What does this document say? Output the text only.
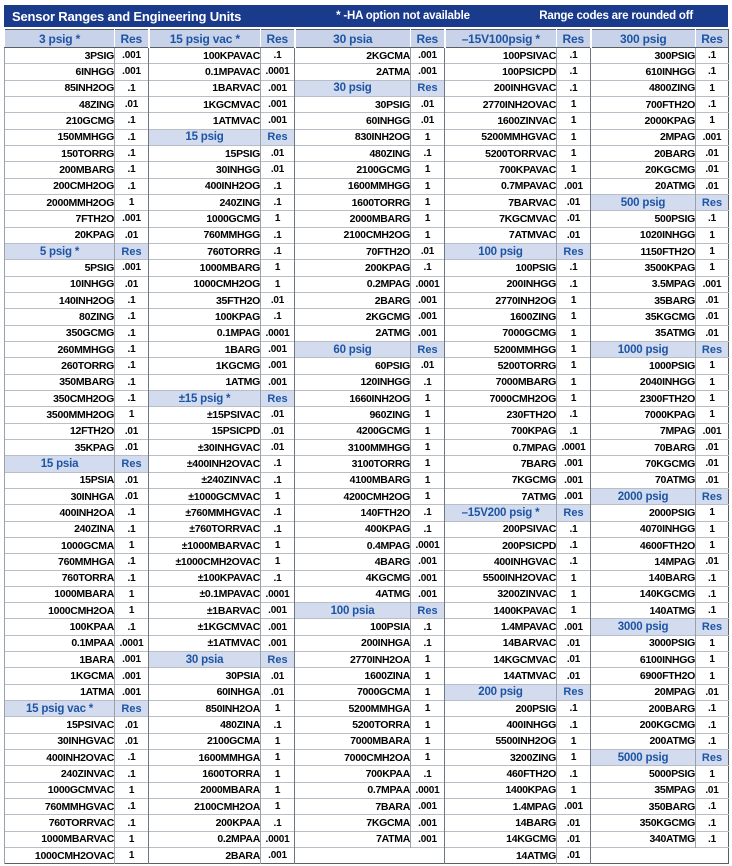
Sensor Ranges and Engineering Units	* -HA option not available	Range codes are rounded off
3 psig *	Res	15 psig vac *	Res	30 psia	Res	–15V100psig *	Res	300 psig	Res
3PSIG	.001	100KPAVAC	.1	2KGCMA	.001	100PSIVAC	.1	300PSIG	.1
6INHGG	.001	0.1MPAVAC	.0001	2ATMA	.001	100PSICPD	.1	610INHGG	.1
85INH2OG	.1	1BARVAC	.001	30 psig	Res	200INHGVAC	.1	4800ZING	1
48ZING	.01	1KGCMVAC	.001	30PSIG	.01	2770INH2OVAC	1	700FTH2O	.1
210GCMG	.1	1ATMVAC	.001	60INHGG	.01	1600ZINVAC	1	2000KPAG	1
150MMHGG	.1	15 psig	Res	830INH2OG	1	5200MMHGVAC	1	2MPAG	.001
150TORRG	.1	15PSIG	.01	480ZING	.1	5200TORRVAC	1	20BARG	.01
200MBARG	.1	30INHGG	.01	2100GCMG	1	700KPAVAC	1	20KGCMG	.01
200CMH2OG	.1	400INH2OG	.1	1600MMHGG	1	0.7MPAVAC	.001	20ATMG	.01
2000MMH2OG	1	240ZING	.1	1600TORRG	1	7BARVAC	.01	500 psig	Res
7FTH2O	.001	1000GCMG	1	2000MBARG	1	7KGCMVAC	.01	500PSIG	.1
20KPAG	.01	760MMHGG	.1	2100CMH2OG	1	7ATMVAC	.01	1020INHGG	1
5 psig *	Res	760TORRG	.1	70FTH2O	.01	100 psig	Res	1150FTH2O	1
5PSIG	.001	1000MBARG	1	200KPAG	.1	100PSIG	.1	3500KPAG	1
10INHGG	.01	1000CMH2OG	1	0.2MPAG	.0001	200INHGG	.1	3.5MPAG	.001
140INH2OG	.1	35FTH2O	.01	2BARG	.001	2770INH2OG	1	35BARG	.01
80ZING	.1	100KPAG	.1	2KGCMG	.001	1600ZING	1	35KGCMG	.01
350GCMG	.1	0.1MPAG	.0001	2ATMG	.001	7000GCMG	1	35ATMG	.01
260MMHGG	.1	1BARG	.001	60 psig	Res	5200MMHGG	1	1000 psig	Res
260TORRG	.1	1KGCMG	.001	60PSIG	.01	5200TORRG	1	1000PSIG	1
350MBARG	.1	1ATMG	.001	120INHGG	.1	7000MBARG	1	2040INHGG	1
350CMH2OG	.1	±15 psig *	Res	1660INH2OG	1	7000CMH2OG	1	2300FTH2O	1
3500MMH2OG	1	±15PSIVAC	.01	960ZING	1	230FTH2O	.1	7000KPAG	1
12FTH2O	.01	15PSICPD	.01	4200GCMG	1	700KPAG	.1	7MPAG	.001
35KPAG	.01	±30INHGVAC	.01	3100MMHGG	1	0.7MPAG	.0001	70BARG	.01
15 psia	Res	±400INH2OVAC	.1	3100TORRG	1	7BARG	.001	70KGCMG	.01
15PSIA	.01	±240ZINVAC	.1	4100MBARG	1	7KGCMG	.001	70ATMG	.01
30INHGA	.01	±1000GCMVAC	1	4200CMH2OG	1	7ATMG	.001	2000 psig	Res
400INH2OA	.1	±760MMHGVAC	.1	140FTH2O	.1	–15V200 psig *	Res	2000PSIG	1
240ZINA	.1	±760TORRVAC	.1	400KPAG	.1	200PSIVAC	.1	4070INHGG	1
1000GCMA	1	±1000MBARVAC	1	0.4MPAG	.0001	200PSICPD	.1	4600FTH2O	1
760MMHGA	.1	±1000CMH2OVAC	1	4BARG	.001	400INHGVAC	.1	14MPAG	.01
760TORRA	.1	±100KPAVAC	.1	4KGCMG	.001	5500INH2OVAC	1	140BARG	.1
1000MBARA	1	±0.1MPAVAC	.0001	4ATMG	.001	3200ZINVAC	1	140KGCMG	.1
1000CMH2OA	1	±1BARVAC	.001	100 psia	Res	1400KPAVAC	1	140ATMG	.1
100KPAA	.1	±1KGCMVAC	.001	100PSIA	.1	1.4MPAVAC	.001	3000 psig	Res
0.1MPAA	.0001	±1ATMVAC	.001	200INHGA	.1	14BARVAC	.01	3000PSIG	1
1BARA	.001	30 psia	Res	2770INH2OA	1	14KGCMVAC	.01	6100INHGG	1
1KGCMA	.001	30PSIA	.01	1600ZINA	1	14ATMVAC	.01	6900FTH2O	1
1ATMA	.001	60INHGA	.01	7000GCMA	1	200 psig	Res	20MPAG	.01
15 psig vac *	Res	850INH2OA	1	5200MMHGA	1	200PSIG	.1	200BARG	.1
15PSIVAC	.01	480ZINA	.1	5200TORRA	1	400INHGG	.1	200KGCMG	.1
30INHGVAC	.01	2100GCMA	1	7000MBARA	1	5500INH2OG	1	200ATMG	.1
400INH2OVAC	.1	1600MMHGA	1	7000CMH2OA	1	3200ZING	1	5000 psig	Res
240ZINVAC	.1	1600TORRA	1	700KPAA	.1	460FTH2O	.1	5000PSIG	1
1000GCMVAC	1	2000MBARA	1	0.7MPAA	.0001	1400KPAG	1	35MPAG	.01
760MMHGVAC	.1	2100CMH2OA	1	7BARA	.001	1.4MPAG	.001	350BARG	.1
760TORRVAC	.1	200KPAA	.1	7KGCMA	.001	14BARG	.01	350KGCMG	.1
1000MBARVAC	1	0.2MPAA	.0001	7ATMA	.001	14KGCMG	.01	340ATMG	.1
1000CMH2OVAC	1	2BARA	.001			14ATMG	.01		
